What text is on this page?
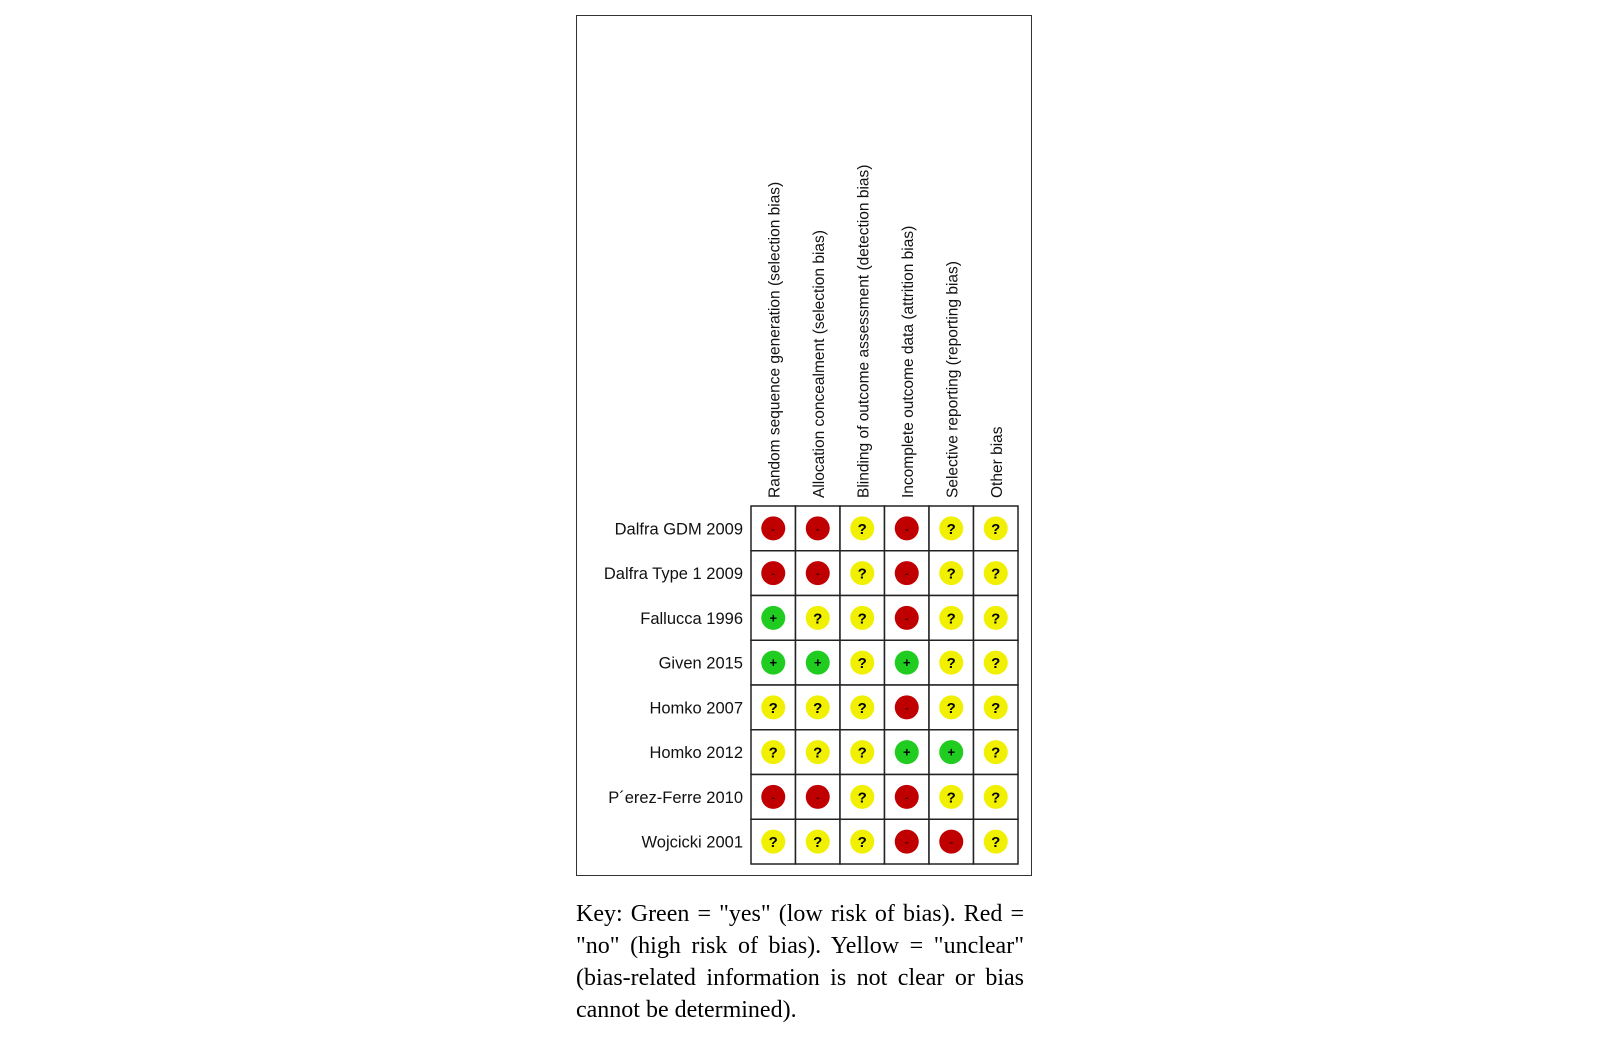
Random sequence generation (selection bias) Allocation concealment (selection bias) Blinding of outcome assessment (detection bias) Incomplete outcome data (attrition bias) Selective reporting (reporting bias) Other bias
Dalfra GDM 2009	-	-	?	-	? ?
Dalfra Type 1 2009	-	-	?	-	? ?
Fallucca 1996 + ? ?	-	? ?
Given 2015 +	+ ?	+ ? ?
Homko 2007 ? ? ?	-	? ?
Homko 2012 ? ? ?	+	+ ?
P´erez-Ferre 2010	-	-	?	-	? ?
Wojcicki 2001 ? ? ?	-	-	?

Key: Green = "yes" (low risk of bias). Red = "no" (high risk of bias). Yellow = "unclear" (bias-related information is not clear or bias cannot be determined).
